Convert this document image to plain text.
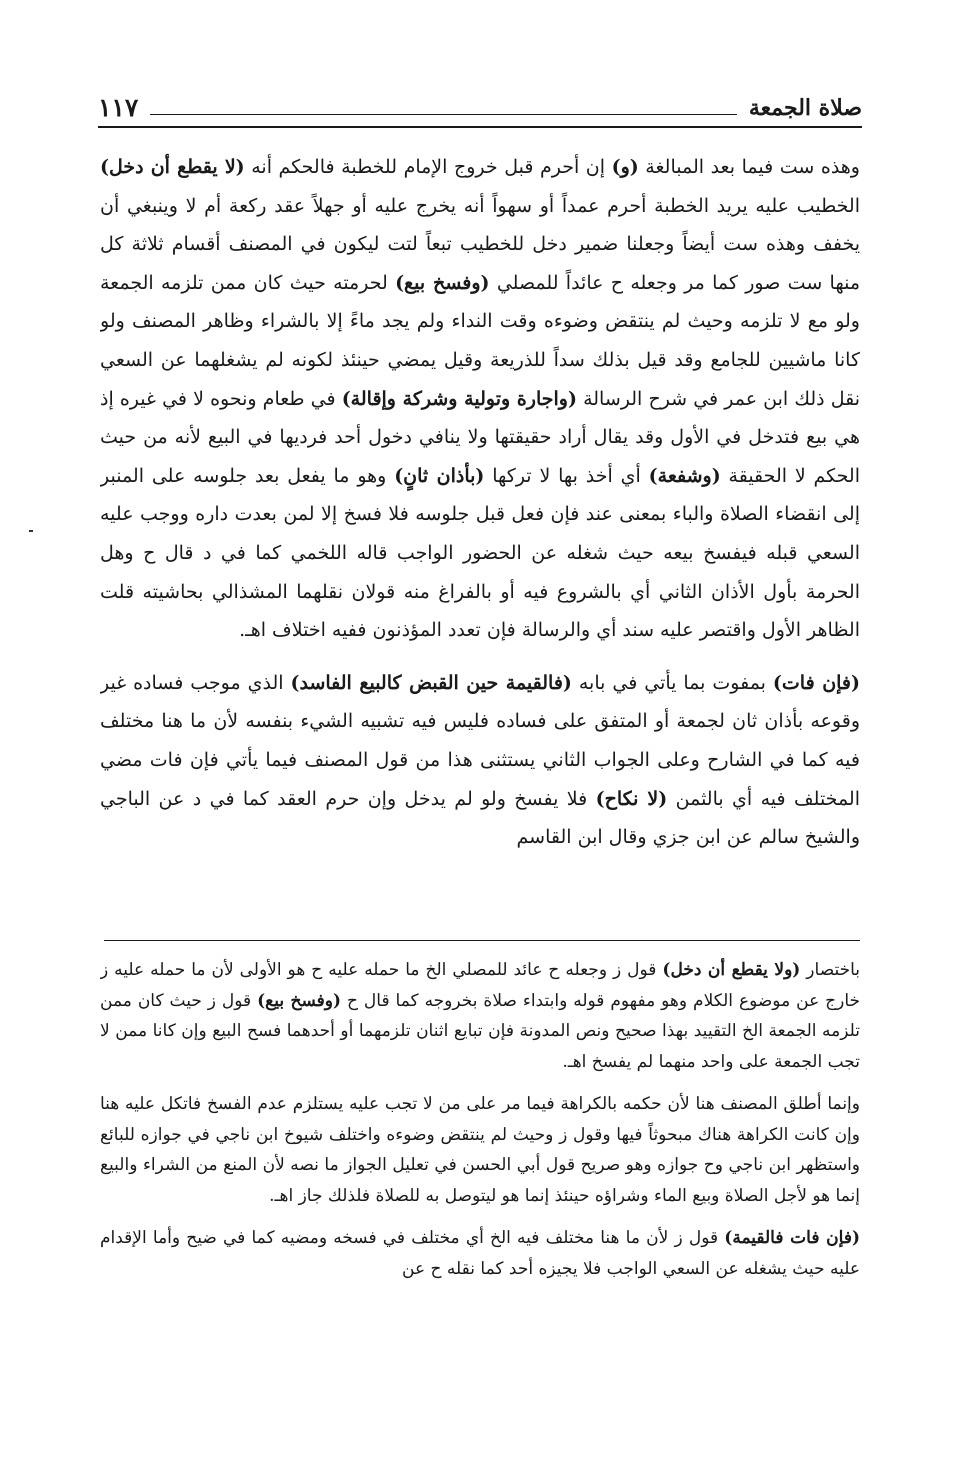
صلاة الجمعة
١١٧

وهذه ست فيما بعد المبالغة (و) إن أحرم قبل خروج الإمام للخطبة فالحكم أنه (لا يقطع أن دخل) الخطيب عليه يريد الخطبة أحرم عمداً أو سهواً أنه يخرج عليه أو جهلاً عقد ركعة أم لا وينبغي أن يخفف وهذه ست أيضاً وجعلنا ضمير دخل للخطيب تبعاً لتت ليكون في المصنف أقسام ثلاثة كل منها ست صور كما مر وجعله ح عائداً للمصلي (وفسخ بيع) لحرمته حيث كان ممن تلزمه الجمعة ولو مع لا تلزمه وحيث لم ينتقض وضوءه وقت النداء ولم يجد ماءً إلا بالشراء وظاهر المصنف ولو كانا ماشيين للجامع وقد قيل بذلك سداً للذريعة وقيل يمضي حينئذ لكونه لم يشغلهما عن السعي نقل ذلك ابن عمر في شرح الرسالة (واجارة وتولية وشركة وإقالة) في طعام ونحوه لا في غيره إذ هي بيع فتدخل في الأول وقد يقال أراد حقيقتها ولا ينافي دخول أحد فرديها في البيع لأنه من حيث الحكم لا الحقيقة (وشفعة) أي أخذ بها لا تركها (بأذان ثانٍ) وهو ما يفعل بعد جلوسه على المنبر إلى انقضاء الصلاة والباء بمعنى عند فإن فعل قبل جلوسه فلا فسخ إلا لمن بعدت داره ووجب عليه السعي قبله فيفسخ بيعه حيث شغله عن الحضور الواجب قاله اللخمي كما في د قال ح وهل الحرمة بأول الأذان الثاني أي بالشروع فيه أو بالفراغ منه قولان نقلهما المشذالي بحاشيته قلت الظاهر الأول واقتصر عليه سند أي والرسالة فإن تعدد المؤذنون ففيه اختلاف اهـ.

(فإن فات) بمفوت بما يأتي في بابه (فالقيمة حين القبض كالبيع الفاسد) الذي موجب فساده غير وقوعه بأذان ثان لجمعة أو المتفق على فساده فليس فيه تشبيه الشيء بنفسه لأن ما هنا مختلف فيه كما في الشارح وعلى الجواب الثاني يستثنى هذا من قول المصنف فيما يأتي فإن فات مضي المختلف فيه أي بالثمن (لا نكاح) فلا يفسخ ولو لم يدخل وإن حرم العقد كما في د عن الباجي والشيخ سالم عن ابن جزي وقال ابن القاسم

باختصار (ولا يقطع أن دخل) قول ز وجعله ح عائد للمصلي الخ ما حمله عليه ح هو الأولى لأن ما حمله عليه ز خارج عن موضوع الكلام وهو مفهوم قوله وابتداء صلاة بخروجه كما قال ح (وفسخ بيع) قول ز حيث كان ممن تلزمه الجمعة الخ التقييد بهذا صحيح ونص المدونة فإن تبايع اثنان تلزمهما أو أحدهما فسح البيع وإن كانا ممن لا تجب الجمعة على واحد منهما لم يفسخ اهـ.

وإنما أطلق المصنف هنا لأن حكمه بالكراهة فيما مر على من لا تجب عليه يستلزم عدم الفسخ فاتكل عليه هنا وإن كانت الكراهة هناك مبحوثاً فيها وقول ز وحيث لم ينتقض وضوءه واختلف شيوخ ابن ناجي في جوازه للبائع واستظهر ابن ناجي وح جوازه وهو صريح قول أبي الحسن في تعليل الجواز ما نصه لأن المنع من الشراء والبيع إنما هو لأجل الصلاة وبيع الماء وشراؤه حينئذ إنما هو ليتوصل به للصلاة فلذلك جاز اهـ.

(فإن فات فالقيمة) قول ز لأن ما هنا مختلف فيه الخ أي مختلف في فسخه ومضيه كما في ضيح وأما الإقدام عليه حيث يشغله عن السعي الواجب فلا يجيزه أحد كما نقله ح عن
